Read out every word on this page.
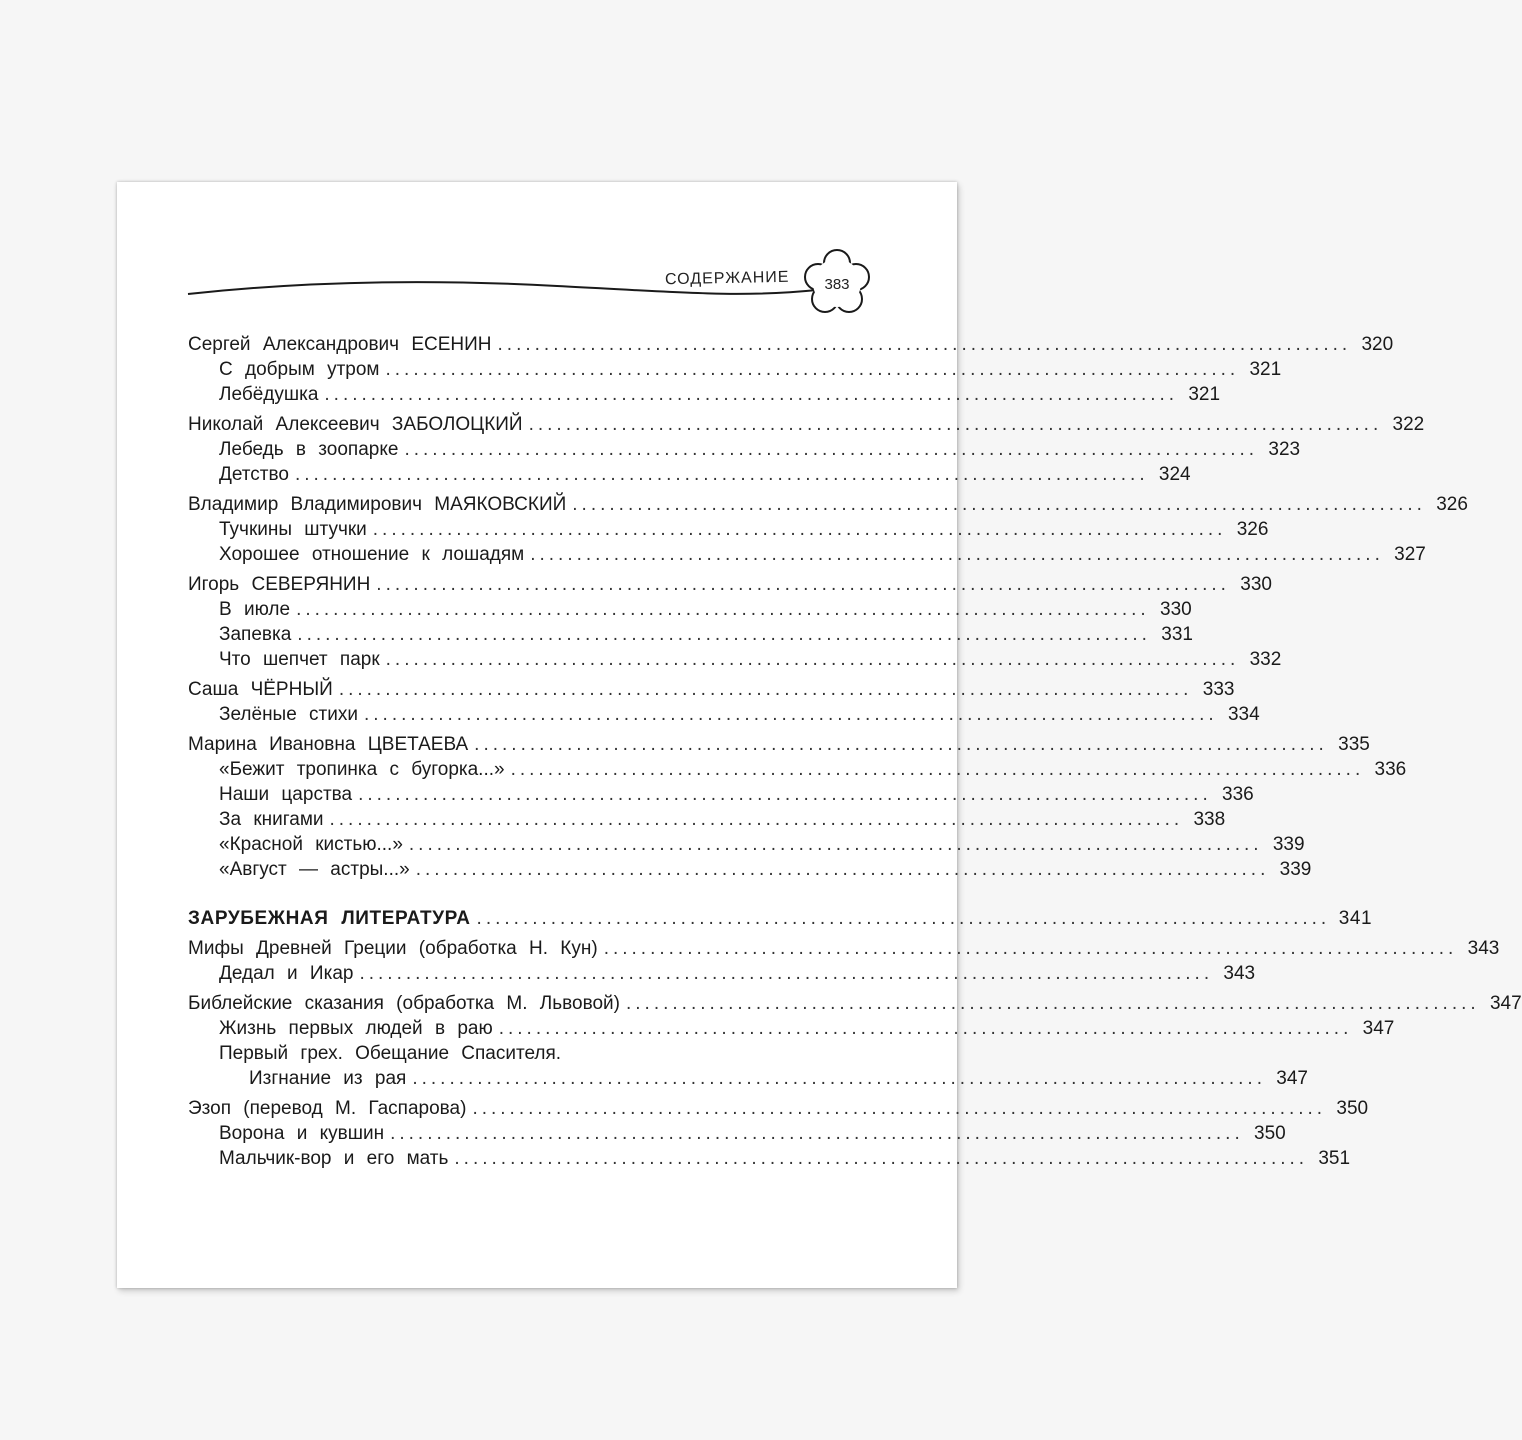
СОДЕРЖАНИЕ	383
Сергей Александрович ЕСЕНИН ............................................................................................ 320
С добрым утром ............................................................................................ 321
Лебёдушка ............................................................................................ 321
Николай Алексеевич ЗАБОЛОЦКИЙ ............................................................................................ 322
Лебедь в зоопарке ............................................................................................ 323
Детство ............................................................................................ 324
Владимир Владимирович МАЯКОВСКИЙ ............................................................................................ 326
Тучкины штучки ............................................................................................ 326
Хорошее отношение к лошадям ............................................................................................ 327
Игорь СЕВЕРЯНИН ............................................................................................ 330
В июле ............................................................................................ 330
Запевка ............................................................................................ 331
Что шепчет парк ............................................................................................ 332
Саша ЧЁРНЫЙ ............................................................................................ 333
Зелёные стихи ............................................................................................ 334
Марина Ивановна ЦВЕТАЕВА ............................................................................................ 335
«Бежит тропинка с бугорка...» ............................................................................................ 336
Наши царства ............................................................................................ 336
За книгами ............................................................................................ 338
«Красной кистью...» ............................................................................................ 339
«Август — астры...» ............................................................................................ 339
ЗАРУБЕЖНАЯ ЛИТЕРАТУРА ............................................................................................ 341
Мифы Древней Греции (обработка Н. Кун) ............................................................................................ 343
Дедал и Икар ............................................................................................ 343
Библейские сказания (обработка М. Львовой) ............................................................................................ 347
Жизнь первых людей в раю ............................................................................................ 347
Первый грех. Обещание Спасителя.
Изгнание из рая ............................................................................................ 347
Эзоп (перевод М. Гаспарова) ............................................................................................ 350
Ворона и кувшин ............................................................................................ 350
Мальчик-вор и его мать ............................................................................................ 351
